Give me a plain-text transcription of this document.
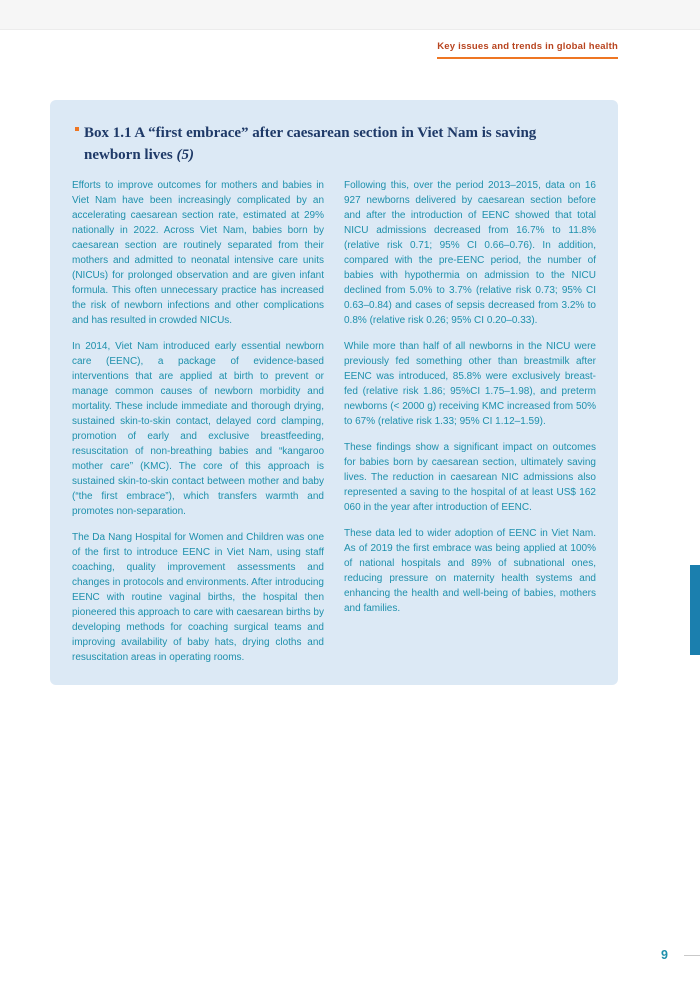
Key issues and trends in global health
Box 1.1 A “first embrace” after caesarean section in Viet Nam is saving newborn lives (5)

Efforts to improve outcomes for mothers and babies in Viet Nam have been increasingly complicated by an accelerating caesarean section rate, estimated at 29% nationally in 2022. Across Viet Nam, babies born by caesarean section are routinely separated from their mothers and admitted to neonatal intensive care units (NICUs) for prolonged observation and are given infant formula. This often unnecessary practice has increased the risk of newborn infections and other complications and has resulted in crowded NICUs.

In 2014, Viet Nam introduced early essential newborn care (EENC), a package of evidence-based interventions that are applied at birth to prevent or manage common causes of newborn morbidity and mortality. These include immediate and thorough drying, sustained skin-to-skin contact, delayed cord clamping, promotion of early and exclusive breastfeeding, resuscitation of non-breathing babies and “kangaroo mother care” (KMC). The core of this approach is sustained skin-to-skin contact between mother and baby (“the first embrace”), which transfers warmth and promotes non-separation.

The Da Nang Hospital for Women and Children was one of the first to introduce EENC in Viet Nam, using staff coaching, quality improvement assessments and changes in protocols and environments. After introducing EENC with routine vaginal births, the hospital then pioneered this approach to care with caesarean births by developing methods for coaching surgical teams and improving availability of baby hats, drying cloths and resuscitation areas in operating rooms.

Following this, over the period 2013–2015, data on 16 927 newborns delivered by caesarean section before and after the introduction of EENC showed that total NICU admissions decreased from 16.7% to 11.8% (relative risk 0.71; 95% CI 0.66–0.76). In addition, compared with the pre-EENC period, the number of babies with hypothermia on admission to the NICU declined from 5.0% to 3.7% (relative risk 0.73; 95% CI 0.63–0.84) and cases of sepsis decreased from 3.2% to 0.8% (relative risk 0.26; 95% CI 0.20–0.33).

While more than half of all newborns in the NICU were previously fed something other than breastmilk after EENC was introduced, 85.8% were exclusively breast-fed (relative risk 1.86; 95%CI 1.75–1.98), and preterm newborns (< 2000 g) receiving KMC increased from 50% to 67% (relative risk 1.33; 95% CI 1.12–1.59).

These findings show a significant impact on outcomes for babies born by caesarean section, ultimately saving lives. The reduction in caesarean NIC admissions also represented a saving to the hospital of at least US$ 162 060 in the year after introduction of EENC.

These data led to wider adoption of EENC in Viet Nam. As of 2019 the first embrace was being applied at 100% of national hospitals and 89% of subnational ones, reducing pressure on maternity health systems and enhancing the health and well-being of babies, mothers and families.

9
